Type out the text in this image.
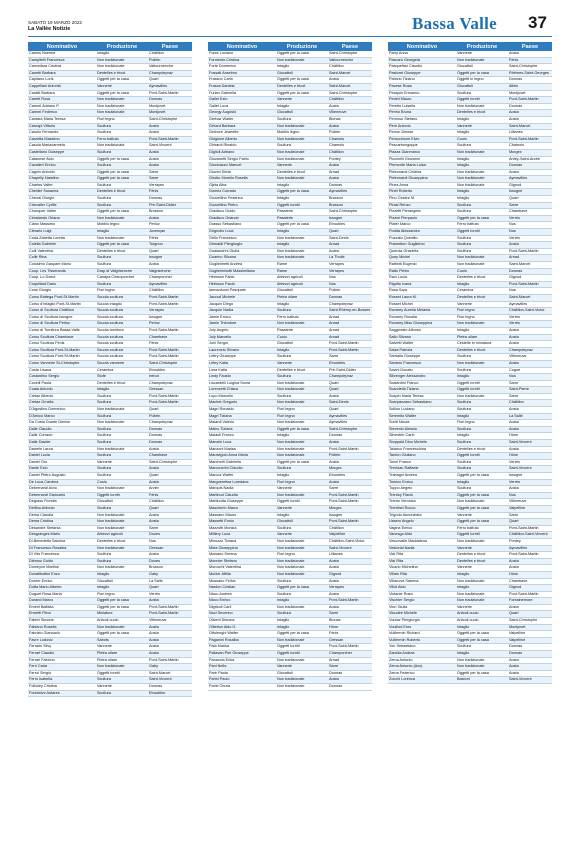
SABATO 19 MARZO 2022
La Vallée Notizie	Bassa Valle 37
Nominativo	Produzione	Paese
Camos Noemia	Intaglio	Châtillon
Campitelli Francesca	Non tradizionale	Pollein
Cancellara Cristina	Non tradizionale	Valtournenche
Canetti Barbara	Dentelles e tricot	Champdepraz
Capitano Loris	Oggetti per la casa	Quart
Cappellani Antonia	Vannerie	Aymavilles
Caratti Barbara	Oggetti per la casa	Pont-Saint-Martin
Caretti Rosa	Non tradizionale	Donnas
Carmel Adriano P.	Non tradizionale	Montjovet
Carmel Federico	Non tradizionale	Montjovet
Cantara Maria Teresa	Fiori legno	Saint-Christophe
Carnapi Vittorio	Scultura	Aosta
Carollo Fernando	Scultura	Aosta
Carzetta Massimo	Ferro battuto	Pont-Saint-Martin
Casula Mariacarmela	Non tradizionale	Saint-Vincent
Castellano Giuseppe	Scultura	Aosta
Catanese Aldo	Oggetti per la casa	Aosta
Cavalieri Enrico	Scultura	Aosta
Cagnin Antonio	Oggetti per la casa	Sarre
Chapelly Natalino	Oggetti per la casa	Sarre
Charles Valter	Scultura	Verrayes
Cheider Susanna	Dentelles e tricot	Fénis
Chenal Giorgio	Scultura	Donnas
Chevalier Cyrille	Scultura	Pré-Saint-Didier
Chouquer Valter	Oggetti per la casa	Brusson
Cimalando Oriana	Non tradizionale	Aosta
Ciano Massimo	Mobilio legno	Perloz
Cibrario Luigi	Intaglio	Jovençan
Coda Zabetta Loretta	Non tradizionale	Fénis
Colella Gabriele	Oggetti per la casa	Torgnon
Colli Valentina	Dentelles e tricot	Quart
Collé Rina	Scultura	Issogne
Colosimo Gaspare Mario	Scultura	Aosta
Coop. Les Tisserands	Drap di Valgrisenche	Valgrisenche
Coop. Lo Dzeut	Canapa Champorcher	Champorcher
Coquillard Dario	Scultura	Aymavilles
Corsi Giorgio	Fiori legno	Châtillon
Corso Bottega Pont-St-Martin	Scuola scultura	Pont-Saint-Martin
Corso d'Intaglio Pont-St-Martin	Scuola intaglio	Pont-Saint-Martin
Corso di Scultura Châtillon	Scuola scultura	Verrayes
Corso di Scultura Issogne	Scuola scultura	Issogne
Corso di Scultura Perloz	Scuola scultura	Perloz
Corso di Tornitura Bassa Valle	Scuola tornitura	Pont-Saint-Martin
Corso Scultura Chambave	Scuola scultura	Chambave
Corso Scultura Fénis	Scuola scultura	Fénis
Corso Scultura Pont-St-Martin	Scuola scultura	Pont-Saint-Martin
Corso Scultura Pont-St-Martin	Scuola scultura	Pont-Saint-Martin
Corso Vannerie St-Christophe	Scuola vannerie	Saint-Christophe
Costa Lisana	Ceramica	Etroubles
Costantino Sergio	Stufe	Introd
Covelli Paola	Dentelles e tricot	Champdepraz
Cuaia Antonio	Intaglio	Gressan
Cretaz Alberto	Scultura	Pont-Saint-Martin
Cretaz Ornella	Scultura	Pont-Saint-Martin
D'Agostino Domenico	Non tradizionale	Quart
D'Amico Marco	Scultura	Pollein
Da Costa Duarte Denise	Non tradizionale	Champdepraz
Dalle Claudio	Scultura	Donnas
Dalle Corrado	Scultura	Donnas
Dalle Davide	Scultura	Donnas
Damele Laura	Non tradizionale	Aosta
Daniel Lucia	Scultura	Chambave
Daniel Oro	Vannerie	Saint-Christophe
Dante Ezio	Scultura	Aosta
Daniel Pietro Augusto	Scultura	Quart
De Luca Carolina	Cuoio	Aosta
Debernardi Alvio	Non tradizionale	Arvier
Debernardi Giancarlo	Oggetti torniti	Fénis
Degrass Fiorella	Giocattoli	Châtillon
Delfino Antonio	Scultura	Quart
Dema Claudia	Non tradizionale	Aosta
Dema Cristina	Non tradizionale	Aosta
Desandré Stefania	Non tradizionale	Sarre
Desgranges Mario	Attrezzi agricoli	Doues
Di Benedetto Sabrina	Dentelles e tricot	Nus
Di Francesco Rosalba	Non tradizionale	Gressan
Di Vito Francesca	Scultura	Aosta
Diémoz Guido	Scultura	Doues
Domeyne Martine	Non tradizionale	Brusson
Donatibottini Enzo	Intaglio	Gaby
Dorrier Enrico	Giocattoli	La Salle
Dotta Mario Alberto	Intaglio	Quart
Duguet Rosa Maria	Fiori legno	Verrès
Durand Marco	Oggetti per la casa	Aosta
Emeril Battista	Oggetti per la casa	Pont-Saint-Martin
Ermetti Piero	Miniature	Pont-Saint-Martin
Fabbri Simone	Articoli cuoio	Villeneuve
Fabiano Rosella	Non tradizionale	Aosta
Fabrizio Giancarlo	Oggetti per la casa	Aosta
Favre Ludovic	Sabots	Aosta
Ferraris Silvy	Vannerie	Aosta
Ferrari Claudio	Pietra ollare	Aosta
Ferrari Fabrizio	Pietra ollare	Pont-Saint-Martin
Ferri Carla	Non tradizionale	Gaby
Ferrol Sergio	Oggetti torniti	Saint-Marcel
Ferro Isabella	Scultura	Saint-Vincent
Follioley Cristina	Vannerie	Donnas
Fontanive Antares	Scultura	Etroubles
Nominativo	Produzione	Paese
Fonte Luciano	Oggetti per la casa	Saint-Christophe
Formento Cristina	Non tradizionale	Valtournenche
Forte Domenico	Intaglio	Châtillon
Fossati Anselmo	Giocattoli	Saint-Marcel
Frasson Carlo	Oggetti per la casa	Aosta
Frasca Daniela	Dentelles e tricot	Saint-Marcel
Furlan Gabriella	Oggetti per la casa	Saint-Christophe
Gallet Ezio	Vannerie	Châtillon
Gallet Luca	Intaglio	Aosta
Georgy Augusto	Giocattoli	Villeneuve
Gerbaz Walter	Scultura	Bionaz
Gérard Barbara	Non tradizionale	Aosta
Gerbore Jeanette	Mobilio legno	Pollein
Ghigione Alberto	Non tradizionale	Chamois
Ghirardi Rinaldo	Scultura	Chamois
Giglioli Adriano	Non tradizionale	Châtillon
Giovanetti Sergio Fabio	Non tradizionale	Pontey
Giovinazzo Manuel	Vannerie	Aosta
Giovini Silvia	Dentelles e tricot	Arnad
Girotto Morello Rosella	Non tradizionale	Aosta
Gjeta Alba	Intaglio	Donnas
Gomez Corrado	Oggetti per la casa	Aymavilles
Gozzellino Federica	Intaglio	Brusson
Gozzellino Pietro	Oggetti torniti	Brusson
Gradisco Guido	Pasaterie	Saint-Christophe
Gradisco Orlando	Pasaterie	Issogne
Grasso Sebastiano	Oggetti per la casa	Etroubles
Grignolio Luca	Intaglio	Quart
Grillo Francesco	Non tradizionale	Saint-Denis
Grimaldi Piergiorgio	Intaglio	Arnad
Gualandrini Giulia	Non tradizionale	Aosta
Guarino Silvana	Non tradizionale	La Thuile
Guglielmetti Andrea	Rame	Verrayes
Guglielminotti Massimiliano	Rame	Verrayes
Hérisson Fabio	Attrezzi agricoli	Nus
Hérisson Paolo	Attrezzi agricoli	Nus
Iannantuoni Pasquale	Giocattoli	Pollein
Jaccod Michele	Pietra ollare	Donnas
Jacquin Diego	Intaglio	Champdepraz
Jacquin Nadia	Scultura	Saint-Rhémy-en-Bosses
Jamin Enrico	Ferro battuto	Arnad
Jamin Théodore	Non tradizionale	Arnad
Joly Angelo	Pasaterie	Arnad
Joly Marcello	Cuoio	Arnad
Joni Sergio	Giocattoli	Pont-Saint-Martin
Laurenzio Silvano	Intaglio	Pont-Saint-Martin
Lettry Giuseppe	Scultura	Sarre
Létey Katia	Vannerie	Etroubles
Lima Katia	Dentelles e tricot	Pré-Saint-Didier
Lindy Fausto	Scultura	Champdepraz
Liscardelli Luigina Sonia	Non tradizionale	Quart
Lorenzetti Chiara	Non tradizionale	Quart
Lupo Marcello	Scultura	Aosta
Machet Gregorio	Non tradizionale	Saint-Denis
Magri Ronaldo	Fiori legno	Quart
Magri Tiziana	Fiori legno	Aymavilles
Maiardi Valerio	Non tradizionale	Aymavilles
Maino Tiziana	Oggetti per la casa	Saint-Christophe
Malaoli Franco	Intaglio	Donnas
Manzini Luca	Non tradizionale	Aosta
Manzoni Marisa	Non tradizionale	Pont-Saint-Martin
Maravigolo Anna Maria	Non tradizionale	Pollein
Marchetti Gabriella	Oggetti per la casa	Aosta
Marcone/ini Claudio	Scultura	Morgex
Marcoz Walter	Intaglio	Etroubles
Marguerettaz Loredana	Fiori legno	Aosta
Marquis Nadia	Vannerie	Sarre
Martinod Claudia	Non tradizionale	Pont-Saint-Martin
Martinotta Giuseppe	Oggetti torniti	Pont-Saint-Martin
Mascherin Marco	Vannerie	Morgex
Massano Mauro	Intaglio	Issogne
Massetti Ennio	Giocattoli	Pont-Saint-Martin
Mazzotti Monica	Scultura	Châtillon
Milliery Luca	Vannerie	Valpelline
Minuzzo Tiziana	Non tradizionale	Châtillon-Saint-Victor
Mirta Giuseppina	Non tradizionale	Saint-Vincent
Moisano Serena	Fiori legno	Lillianes
Monnier Stefano	Non tradizionale	Aosta
Morocchi Valentina	Non tradizionale	Aosta
Munier Attilia	Non tradizionale	Gignod
Mussano Felice	Scultura	Aosta
Nardon Cristian	Oggetti per la casa	Verrayes
Nicco Andrea	Scultura	Aosta
Nicco Enrico	Intaglio	Pont-Saint-Martin
Nigrisoli Carli	Non tradizionale	Aosta
Nozi Severino	Scultura	Sarre
Oliverii Simona	Intaglio	Bionaz
Ollietton Aldo G.	Intaglio	Hône
Ottolenghi Walter	Oggetti per la casa	Fénis
Paganini Rosalba	Non tradizionale	Gressan
Pala Marisa	Oggetti torniti	Pont-Saint-Martin
Pallavan Pier Giuseppe	Oggetti torniti	Champorcher
Panaccia Erika	Non tradizionale	Arnad
Pani Nella	Vannerie	Sarre
Parè Paola	Giocattoli	Donnas
Parini Paolo	Non tradizionale	Aosta
Parisi Cinzia	Non tradizionale	Donnas
Nominativo	Produzione	Paese
Parry Anna	Vannerie	Aosta
Pascarù Georgeta	Non tradizionale	Fénis
Pasquettaz Claudio	Giocattoli	Saint-Christophe
Pastoret Giuseppe	Oggetti per la casa	Rhêmes-Saint-Georges
Patrizio Tiziano	Oggetti in legno	Donnas
Pavese Rosa	Giocattoli	Allein
Peaquin Ermanno	Scultura	Montjovet
Pedeli Mauro	Oggetti torniti	Pont-Saint-Martin
Peretto Luisella	Non tradizionale	Donnas
Perino Bruna	Dentelles e tricot	Aosta
Perrioso Stefano	Intaglio	Aosta
Perri Antonio	Vannerie	Saint-Marcel
Perron Denise	Intaglio	Lillianes
Perucchione Elvio	Cuoio	Pont-Saint-Martin
Pescarbongoppe	Scultura	Chamois
Piazza Gianmarco	Non tradizionale	Morgex
Piccinelli Giovanni	Intaglio	Antey-Saint-André
Piemonte Maria Luisa	Intaglio	Donnas
Pietronardi Cristina	Non tradizionale	Aosta
Pietronardi Giuseppina	Non tradizionale	Aymavilles
Pines Anna	Non tradizionale	Gignod
Pinet Roberto	Intaglio	Issogne
Pino Cesare M.	Intaglio	Quart
Pirasi Renzo	Scultura	Sarre
Pizzetti Pierangela	Scultura	Chambave
Pizzini Pierpaolo	Oggetti per la casa	Verrès
Plater Marco	Ferro battuto	Nus
Podda Alessandro	Oggetti torniti	Nus
Pozzato Quintilio	Scultura	Verrès
Prametton Guglielmo	Scultura	Aosta
Quercia Graziella	Scultura	Pont-Saint-Martin
Quey Michel	Non tradizionale	Arnad
Rattiniti Eugenio	Non tradizionale	Saint-Marcel
Ratto Pietro	Cuoio	Donnas
Ravì Lucia	Dentelles e tricot	Gignod
Rigotto Ivana	Intaglio	Pont-Saint-Martin
Rosa Sara	Ceramica	Nus
Rosset Laura M.	Dentelles e tricot	Saint-Marcel
Rosset Michel	Vannerie	Aymavilles
Rovarey Aurelia Melania	Fiori legno	Châtillon-Saint-Victor
Rovarey Rosalia	Fiori legno	Verrès
Rovarey Miss Giuseppina	Non tradizionale	Verrès
Saggiorato Alfonso	Intaglio	Aosta
Sallo Silvano	Pietra ollare	Aosta
Salvetti Walter	Cestelle in miniatura	Aosta
Salza Patrizia	Dentelles e tricot	Champdepraz
Sarrialla Giuseppe	Scultura	Villeneuve
Santoro Francesco	Non tradizionale	Aosta
Savini Donato	Scultura	Cogne
Sibrenger Alessandro	Intaglio	Nus
Scaiardini Franco	Oggetti torniti	Sarre
Scandella Tiziano	Oggetti torniti	Saint-Pierre
Scapin Maria Teresa	Non tradizionale	Sarre
Scarpanzano Sebastiano	Scultura	Châtillon
Sciliou Luciano	Scultura	Aosta
Seremito Walter	Intaglio	La Salle
Sordi Nicola	Fiori legno	Aosta
Stevenin Alessio	Scultura	Aosta
Silvestrin Carlo	Intaglio	Hône
Stoppaid Dino Michele	Scultura	Saint-Vincent
Talarico Franceschina	Dentelles e tricot	Aosta
Tardon Giuliano	Oggetti torniti	Hône
Tonni Franco	Scultura	Verrès
Trevisan Raffaele	Scultura	Saint-Vincent
Trabagni Andrea	Oggetti per la casa	Issogne
Tomizo Enrico	Intaglio	Verrès
Tuppo Angelo	Scultura	Aosta
Trentoy Flavio	Oggetti per la casa	Nus
Trento Veronica	Non tradizionale	Villeneuve
Trentinei Rocco	Oggetti per la casa	Valpelline
Trigodo Annunziata	Vannerie	Sarre
Ussero Angelo	Oggetti per la casa	Quart
Vagina Enrico	Ferro battuto	Pont-Saint-Martin
Vanesgo Aldo	Oggetti torniti	Châtillon-Saint-Vincent
Vescovalle Maddalena	Non tradizionale	Pontey
Vestoriai Nadia	Vannerie	Aymavilles
Vial Rita	Dentelles e tricot	Pont-Saint-Martin
Vial Rita	Dentelles e tricot	Aosta
Vicario Michelina	Vannerie	Aosta
Villain Rita	Intaglio	Hône
Villanova Sabrina	Non tradizionale	Chambave
Villot Aldo	Intaglio	Gignod
Violante Rosa	Non tradizionale	Pont-Saint-Martin
Vischier Sergio	Non tradizionale	Fontainemore
Viori Giulia	Vannerie	Aosta
Vioudee Michele	Articoli cuoio	Quart
Voutaz Piergiorgio	Articoli cuoio	Saint-Christophe
Vouillod Eros	Intaglio	Montjovet
Vuillermin Richard	Oggetti per la casa	Valpelline
Vuillermin Roberto	Oggetti per la casa	Valpelline
Yon Sebastiano	Scultura	Donnas
Zanella Andrea	Intaglio	Donnas
Zema Antonio	Non tradizionale	Aosta
Zema Antonio (Acs)	Non tradizionale	Aosta
Zema Federico	Oggetti per la casa	Aosta
Zocchi Lorenza	Bastoni	Saint-Vincent
